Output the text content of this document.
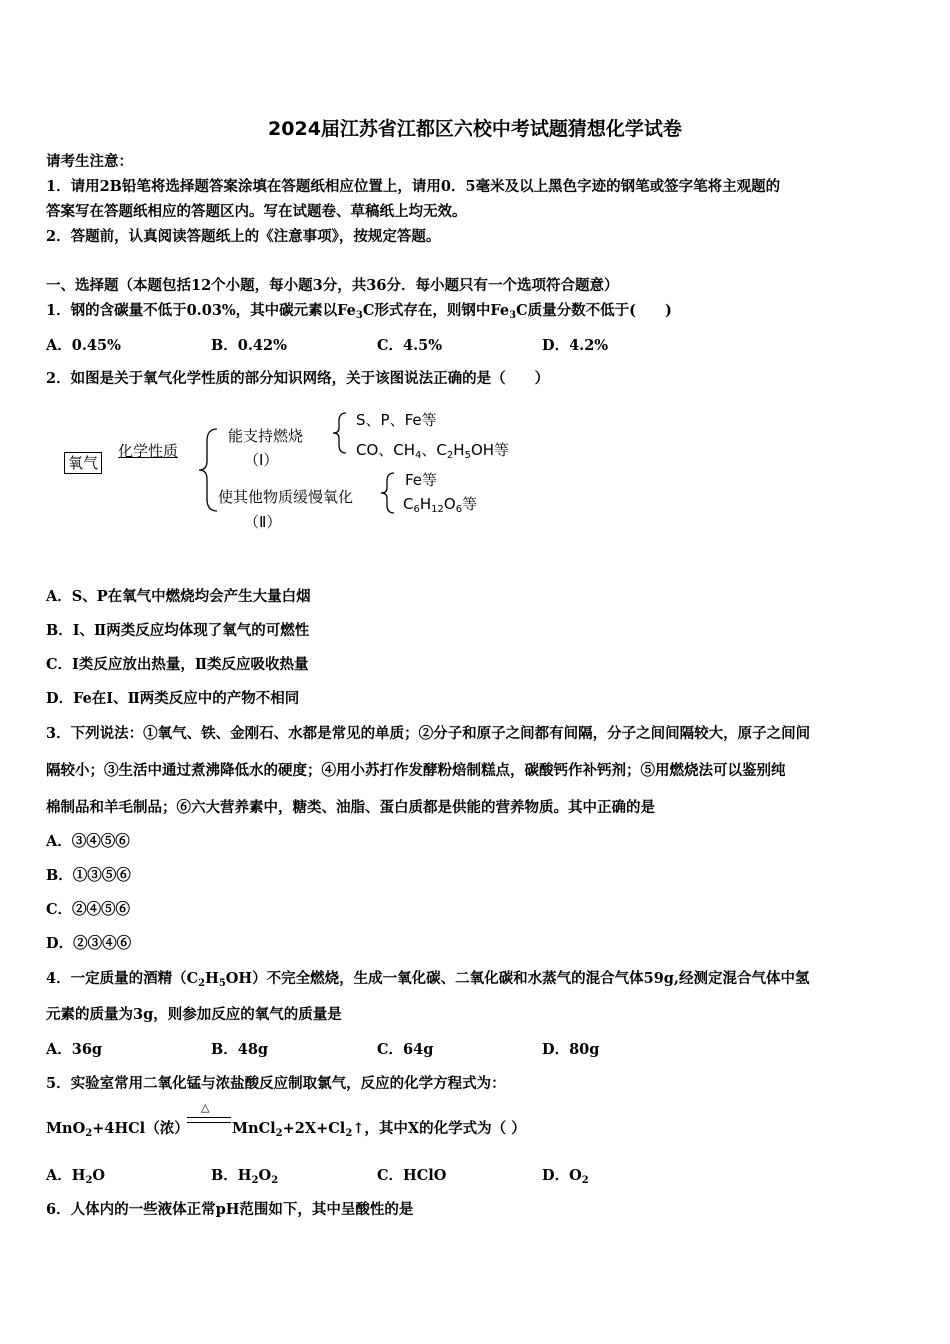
2024届江苏省江都区六校中考试题猜想化学试卷
请考生注意：
1．请用2B铅笔将选择题答案涂填在答题纸相应位置上，请用0．5毫米及以上黑色字迹的钢笔或签字笔将主观题的
答案写在答题纸相应的答题区内。写在试题卷、草稿纸上均无效。
2．答题前，认真阅读答题纸上的《注意事项》，按规定答题。
一、选择题（本题包括12个小题，每小题3分，共36分．每小题只有一个选项符合题意）
1．钢的含碳量不低于0.03%，其中碳元素以$Fe_3C$形式存在，则钢中$Fe_3C$质量分数不低于(　　)
A．0.45%	B．0.42%	C．4.5%	D．4.2%
2．如图是关于氧气化学性质的部分知识网络，关于该图说法正确的是（　　）
氧气
化学性质
能支持燃烧
（Ⅰ）
S、P、Fe等
CO、$CH_4$、$C_2H_5OH$等
使其他物质缓慢氧化
（Ⅱ）
Fe等
$C_6H_{12}O_6$等
A．S、P在氧气中燃烧均会产生大量白烟
B．Ⅰ、Ⅱ两类反应均体现了氧气的可燃性
C．Ⅰ类反应放出热量，Ⅱ类反应吸收热量
D．Fe在Ⅰ、Ⅱ两类反应中的产物不相同
3．下列说法：①氧气、铁、金刚石、水都是常见的单质；②分子和原子之间都有间隔，分子之间间隔较大，原子之间间
隔较小；③生活中通过煮沸降低水的硬度；④用小苏打作发酵粉焙制糕点，碳酸钙作补钙剂；⑤用燃烧法可以鉴别纯
棉制品和羊毛制品；⑥六大营养素中，糖类、油脂、蛋白质都是供能的营养物质。其中正确的是
A．③④⑤⑥
B．①③⑤⑥
C．②④⑤⑥
D．②③④⑥
4．一定质量的酒精$(C_2H_5OH)$不完全燃烧，生成一氧化碳、二氧化碳和水蒸气的混合气体59g,经测定混合气体中氢
元素的质量为3g，则参加反应的氧气的质量是
A．36g	B．48g	C．64g	D．80g
5．实验室常用二氧化锰与浓盐酸反应制取氯气，反应的化学方程式为：
MnO$_2$+4HCl（浓）
△
$MnCl_2+2X+Cl_2↑$，其中X的化学式为（ ）
A．$H_2O$	B．$H_2O_2$	C．HClO	D．$O_2$
6．人体内的一些液体正常pH范围如下，其中呈酸性的是
